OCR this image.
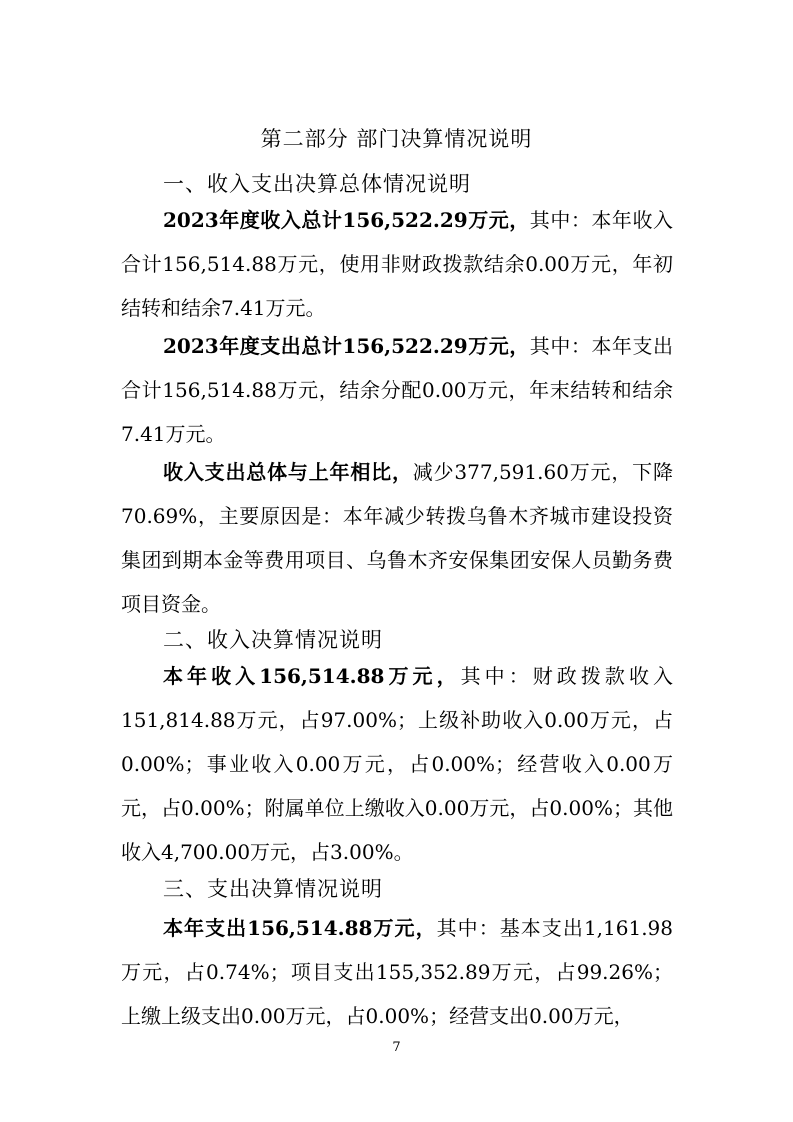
第二部分 部门决算情况说明
一、收入支出决算总体情况说明

2023年度收入总计156,522.29万元，其中：本年收入合计156,514.88万元，使用非财政拨款结余0.00万元，年初结转和结余7.41万元。

2023年度支出总计156,522.29万元，其中：本年支出合计156,514.88万元，结余分配0.00万元，年末结转和结余7.41万元。

收入支出总体与上年相比，减少377,591.60万元，下降70.69%，主要原因是：本年减少转拨乌鲁木齐城市建设投资集团到期本金等费用项目、乌鲁木齐安保集团安保人员勤务费项目资金。

二、收入决算情况说明

本年收入156,514.88万元，其中：财政拨款收入151,814.88万元，占97.00%；上级补助收入0.00万元，占0.00%；事业收入0.00万元，占0.00%；经营收入0.00万元，占0.00%；附属单位上缴收入0.00万元，占0.00%；其他收入4,700.00万元，占3.00%。

三、支出决算情况说明

本年支出156,514.88万元，其中：基本支出1,161.98万元，占0.74%；项目支出155,352.89万元，占99.26%；上缴上级支出0.00万元，占0.00%；经营支出0.00万元，

7
